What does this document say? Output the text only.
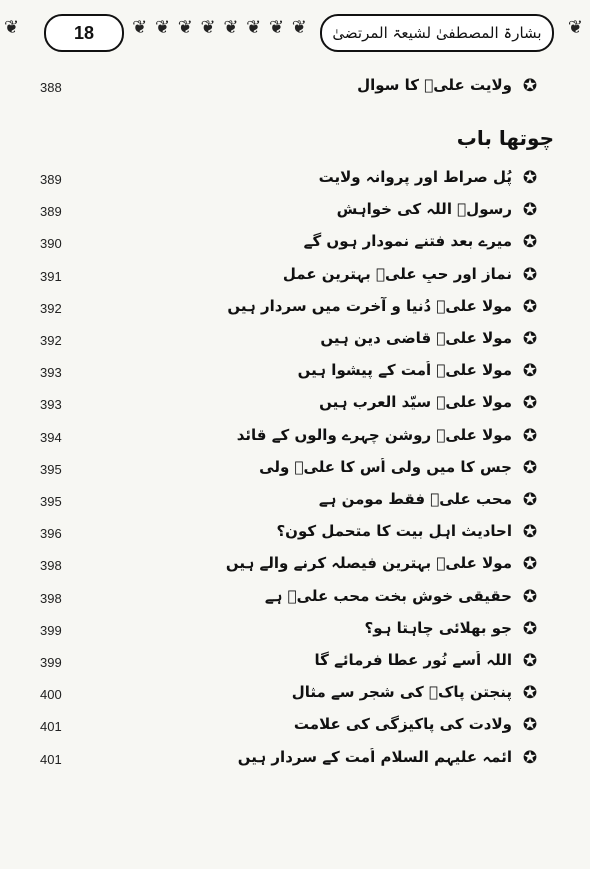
❦	18	❦ ❦ ❦ ❦ ❦ ❦ ❦ ❦	بشارۃ المصطفیٰ لشیعۃ المرتضیٰ	❦
388	ولایت علیؑ کا سوال ✪
چوتھا باب
389	پُل صراط اور پروانہ ولایت ✪
389	رسولؐ اللہ کی خواہش ✪
390	میرے بعد فتنے نمودار ہوں گے ✪
391	نماز اور حبِ علیؑ بہترین عمل ✪
392	مولا علیؑ دُنیا و آخرت میں سردار ہیں ✪
392	مولا علیؑ قاضی دین ہیں ✪
393	مولا علیؑ اُمت کے پیشوا ہیں ✪
393	مولا علیؑ سیّد العرب ہیں ✪
394	مولا علیؑ روشن چہرے والوں کے قائد ✪
395	جس کا میں ولی اُس کا علیؑ ولی ✪
395	محب علیؑ فقط مومن ہے ✪
396	احادیث اہلِ بیت کا متحمل کون؟ ✪
398	مولا علیؑ بہترین فیصلہ کرنے والے ہیں ✪
398	حقیقی خوش بخت محب علیؑ ہے ✪
399	جو بھلائی چاہتا ہو؟ ✪
399	اللہ اُسے نُور عطا فرمائے گا ✪
400	پنجتن پاکؑ کی شجر سے مثال ✪
401	ولادت کی پاکیزگی کی علامت ✪
401	ائمہ علیہم السلام اُمت کے سردار ہیں ✪
